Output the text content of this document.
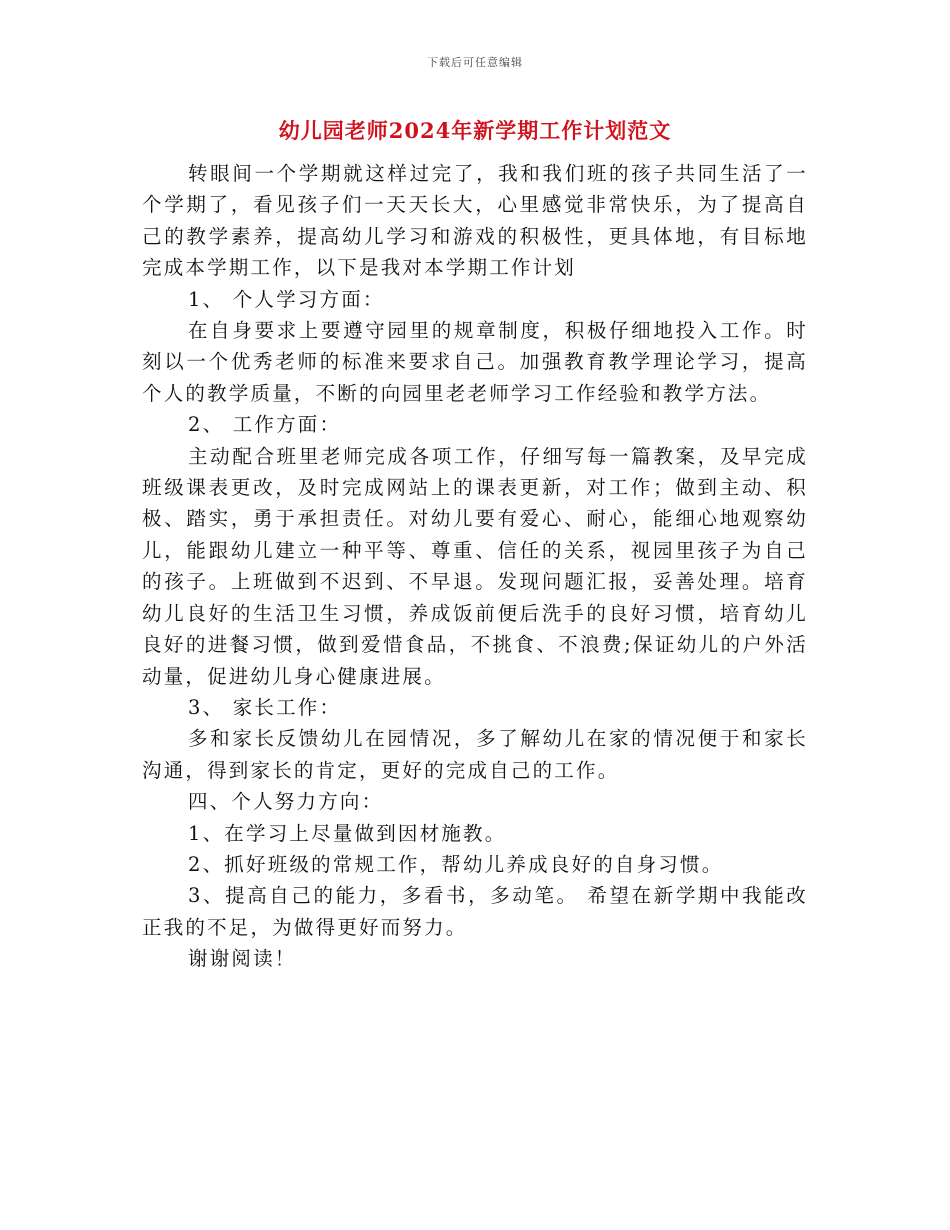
下载后可任意编辑
幼儿园老师2024年新学期工作计划范文

转眼间一个学期就这样过完了，我和我们班的孩子共同生活了一个学期了，看见孩子们一天天长大，心里感觉非常快乐，为了提高自己的教学素养，提高幼儿学习和游戏的积极性，更具体地，有目标地完成本学期工作，以下是我对本学期工作计划

1、 个人学习方面：

在自身要求上要遵守园里的规章制度，积极仔细地投入工作。时刻以一个优秀老师的标准来要求自己。加强教育教学理论学习，提高个人的教学质量，不断的向园里老老师学习工作经验和教学方法。

2、 工作方面：

主动配合班里老师完成各项工作，仔细写每一篇教案，及早完成班级课表更改，及时完成网站上的课表更新，对工作；做到主动、积极、踏实，勇于承担责任。对幼儿要有爱心、耐心，能细心地观察幼儿，能跟幼儿建立一种平等、尊重、信任的关系，视园里孩子为自己的孩子。上班做到不迟到、不早退。发现问题汇报，妥善处理。培育幼儿良好的生活卫生习惯，养成饭前便后洗手的良好习惯，培育幼儿良好的进餐习惯，做到爱惜食品，不挑食、不浪费;保证幼儿的户外活动量，促进幼儿身心健康进展。

3、 家长工作：

多和家长反馈幼儿在园情况，多了解幼儿在家的情况便于和家长沟通，得到家长的肯定，更好的完成自己的工作。

四、个人努力方向：

1、在学习上尽量做到因材施教。

2、抓好班级的常规工作，帮幼儿养成良好的自身习惯。

3、提高自己的能力，多看书，多动笔。 希望在新学期中我能改正我的不足，为做得更好而努力。

谢谢阅读！
